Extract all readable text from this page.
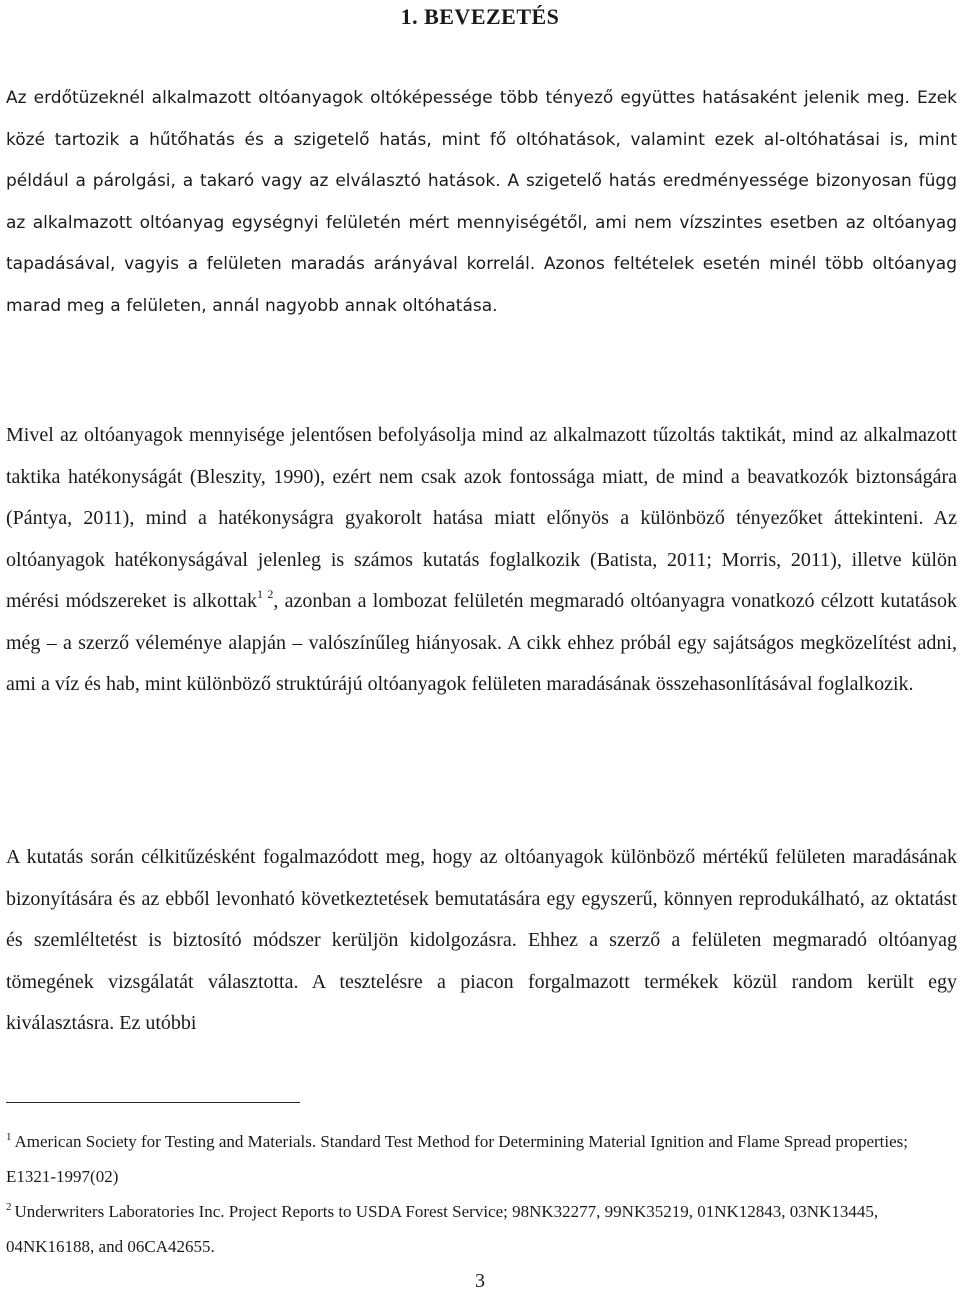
1. BEVEZETÉS

Az erdőtüzeknél alkalmazott oltóanyagok oltóképessége több tényező együttes hatásaként jelenik meg. Ezek közé tartozik a hűtőhatás és a szigetelő hatás, mint fő oltóhatások, valamint ezek al-oltóhatásai is, mint például a párolgási, a takaró vagy az elválasztó hatások. A szigetelő hatás eredményessége bizonyosan függ az alkalmazott oltóanyag egységnyi felületén mért mennyiségétől, ami nem vízszintes esetben az oltóanyag tapadásával, vagyis a felületen maradás arányával korrelál. Azonos feltételek esetén minél több oltóanyag marad meg a felületen, annál nagyobb annak oltóhatása.

Mivel az oltóanyagok mennyisége jelentősen befolyásolja mind az alkalmazott tűzoltás taktikát, mind az alkalmazott taktika hatékonyságát (Bleszity, 1990), ezért nem csak azok fontossága miatt, de mind a beavatkozók biztonságára (Pántya, 2011), mind a hatékonyságra gyakorolt hatása miatt előnyös a különböző tényezőket áttekinteni. Az oltóanyagok hatékonyságával jelenleg is számos kutatás foglalkozik (Batista, 2011; Morris, 2011), illetve külön mérési módszereket is alkottak$^{1 2}$, azonban a lombozat felületén megmaradó oltóanyagra vonatkozó célzott kutatások még – a szerző véleménye alapján – valószínűleg hiányosak. A cikk ehhez próbál egy sajátságos megközelítést adni, ami a víz és hab, mint különböző struktúrájú oltóanyagok felületen maradásának összehasonlításával foglalkozik.

A kutatás során célkitűzésként fogalmazódott meg, hogy az oltóanyagok különböző mértékű felületen maradásának bizonyítására és az ebből levonható következtetések bemutatására egy egyszerű, könnyen reprodukálható, az oktatást és szemléltetést is biztosító módszer kerüljön kidolgozásra. Ehhez a szerző a felületen megmaradó oltóanyag tömegének vizsgálatát választotta. A tesztelésre a piacon forgalmazott termékek közül random került egy kiválasztásra. Ez utóbbi

$^1$ American Society for Testing and Materials. Standard Test Method for Determining Material Ignition and Flame Spread properties; E1321-1997(02)

$^2$ Underwriters Laboratories Inc. Project Reports to USDA Forest Service; 98NK32277, 99NK35219, 01NK12843, 03NK13445, 04NK16188, and 06CA42655.

3
